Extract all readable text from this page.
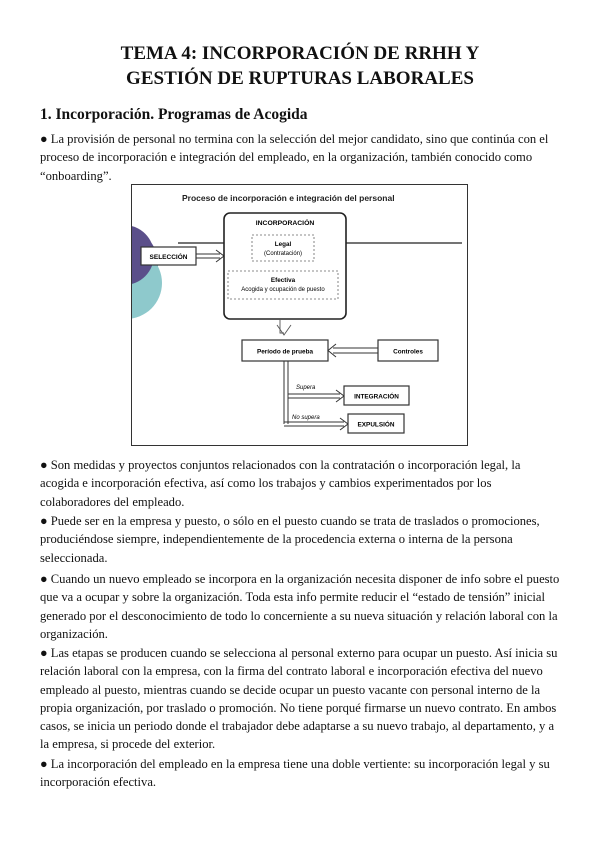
TEMA 4: INCORPORACIÓN DE RRHH Y
GESTIÓN DE RUPTURAS LABORALES
1. Incorporación. Programas de Acogida
● La provisión de personal no termina con la selección del mejor candidato, sino que continúa con el proceso de incorporación e integración del empleado, en la organización, también conocido como “onboarding”.
Proceso de incorporación e integración del personal
SELECCIÓN
INCORPORACIÓN
Legal
(Contratación)
Efectiva
Acogida y ocupación de puesto
Período de prueba	Controles
Supera
INTEGRACIÓN
No supera
EXPULSIÓN
● Son medidas y proyectos conjuntos relacionados con la contratación o incorporación legal, la acogida e incorporación efectiva, así como los trabajos y cambios experimentados por los colaboradores del empleado.
● Puede ser en la empresa y puesto, o sólo en el puesto cuando se trata de traslados o promociones, produciéndose siempre, independientemente de la procedencia externa o interna de la persona seleccionada.
● Cuando un nuevo empleado se incorpora en la organización necesita disponer de info sobre el puesto que va a ocupar y sobre la organización. Toda esta info permite reducir el “estado de tensión” inicial generado por el desconocimiento de todo lo concerniente a su nueva situación y relación laboral con la organización.
● Las etapas se producen cuando se selecciona al personal externo para ocupar un puesto. Así inicia su relación laboral con la empresa, con la firma del contrato laboral e incorporación efectiva del nuevo empleado al puesto, mientras cuando se decide ocupar un puesto vacante con personal interno de la propia organización, por traslado o promoción. No tiene porqué firmarse un nuevo contrato. En ambos casos, se inicia un periodo donde el trabajador debe adaptarse a su nuevo trabajo, al departamento, y a la empresa, si procede del exterior.
● La incorporación del empleado en la empresa tiene una doble vertiente: su incorporación legal y su incorporación efectiva.
